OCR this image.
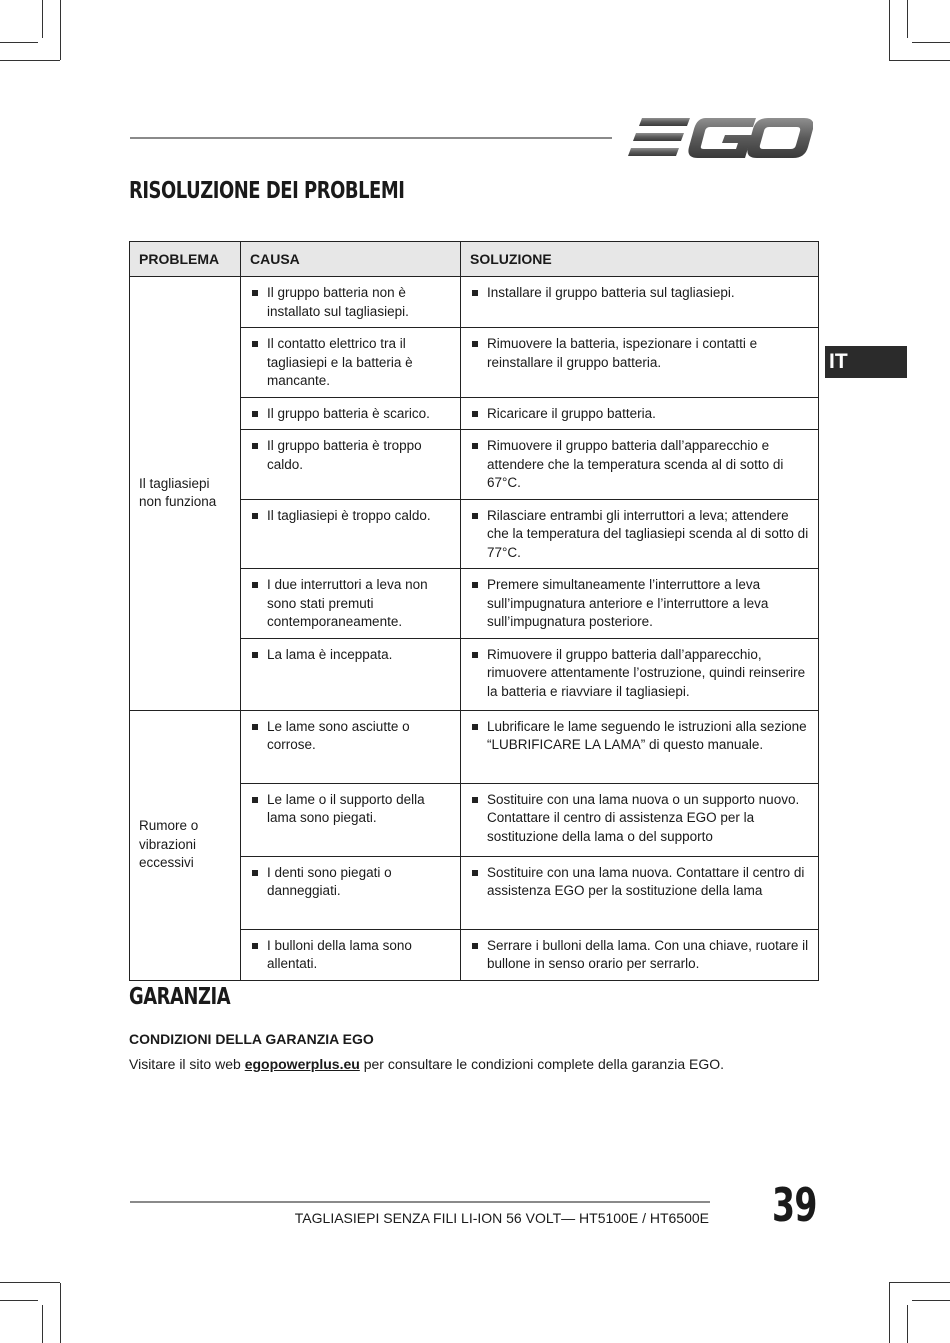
IT
RISOLUZIONE DEI PROBLEMI
PROBLEMA	CAUSA	SOLUZIONE
Il tagliasiepi non funziona	Il gruppo batteria non è installato sul tagliasiepi.	Installare il gruppo batteria sul tagliasiepi.

	Il contatto elettrico tra il tagliasiepi e la batteria è mancante.	Rimuovere la batteria, ispezionare i contatti e reinstallare il gruppo batteria.

	Il gruppo batteria è scarico.	Ricaricare il gruppo batteria.

	Il gruppo batteria è troppo caldo.	Rimuovere il gruppo batteria dall’apparecchio e attendere che la temperatura scenda al di sotto di 67°C.

	Il tagliasiepi è troppo caldo.	Rilasciare entrambi gli interruttori a leva; attendere che la temperatura del tagliasiepi scenda al di sotto di 77°C.

	I due interruttori a leva non sono stati premuti contemporaneamente.	Premere simultaneamente l’interruttore a leva sull’impugnatura anteriore e l’interruttore a leva sull’impugnatura posteriore.

	La lama è inceppata.	Rimuovere il gruppo batteria dall’apparecchio, rimuovere attentamente l’ostruzione, quindi reinserire la batteria e riavviare il tagliasiepi.

Rumore o vibrazioni eccessivi	Le lame sono asciutte o corrose.	Lubrificare le lame seguendo le istruzioni alla sezione “LUBRIFICARE LA LAMA” di questo manuale.

	Le lame o il supporto della lama sono piegati.	Sostituire con una lama nuova o un supporto nuovo. Contattare il centro di assistenza EGO per la sostituzione della lama o del supporto

	I denti sono piegati o danneggiati.	Sostituire con una lama nuova. Contattare il centro di assistenza EGO per la sostituzione della lama

	I bulloni della lama sono allentati.	Serrare i bulloni della lama. Con una chiave, ruotare il bullone in senso orario per serrarlo.
GARANZIA
CONDIZIONI DELLA GARANZIA EGO

Visitare il sito web egopowerplus.eu per consultare le condizioni complete della garanzia EGO.

TAGLIASIEPI SENZA FILI LI-ION 56 VOLT— HT5100E / HT6500E 39
